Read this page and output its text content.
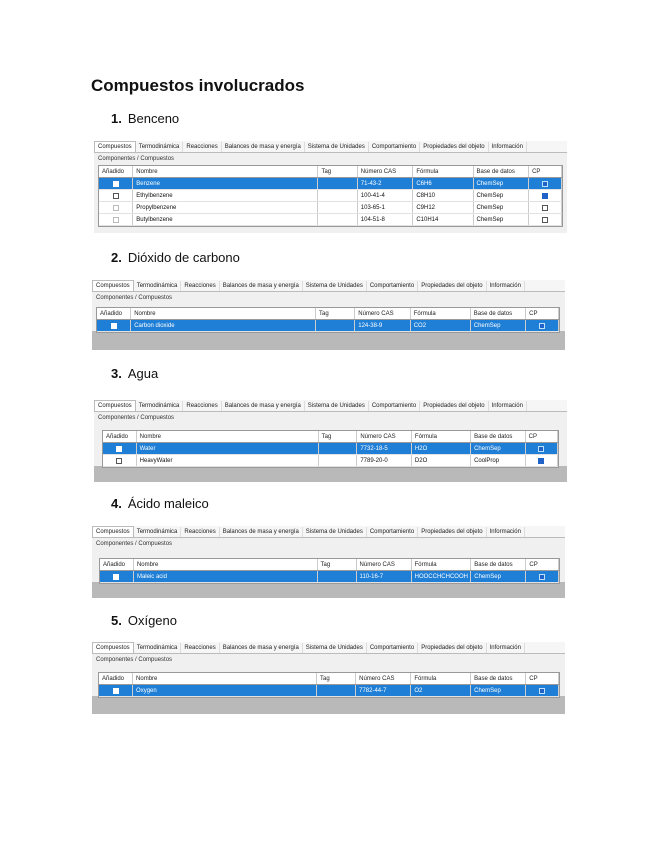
Compuestos involucrados
1. Benceno
Compuestos	Termodinámica	Reacciones	Balances de masa y energía	Sistema de Unidades	Comportamiento	Propiedades del objeto	Información
Componentes / Compuestos
Añadido	Nombre	Tag	Número CAS	Fórmula	Base de datos	CP
Benzene	71-43-2	C6H6	ChemSep
Ethylbenzene	100-41-4	C8H10	ChemSep
Propylbenzene	103-65-1	C9H12	ChemSep
Butylbenzene	104-51-8	C10H14	ChemSep
2. Dióxido de carbono
Compuestos	Termodinámica	Reacciones	Balances de masa y energía	Sistema de Unidades	Comportamiento	Propiedades del objeto	Información
Componentes / Compuestos
Añadido	Nombre	Tag	Número CAS	Fórmula	Base de datos	CP
Carbon dioxide	124-38-9	CO2	ChemSep
3. Agua
Compuestos	Termodinámica	Reacciones	Balances de masa y energía	Sistema de Unidades	Comportamiento	Propiedades del objeto	Información
Componentes / Compuestos
Añadido	Nombre	Tag	Número CAS	Fórmula	Base de datos	CP
Water	7732-18-5	H2O	ChemSep
HeavyWater	7789-20-0	D2O	CoolProp
4. Ácido maleico
Compuestos	Termodinámica	Reacciones	Balances de masa y energía	Sistema de Unidades	Comportamiento	Propiedades del objeto	Información
Componentes / Compuestos
Añadido	Nombre	Tag	Número CAS	Fórmula	Base de datos	CP
Maleic acid	110-16-7	HOOCCHCHCOOH	ChemSep
5. Oxígeno
Compuestos	Termodinámica	Reacciones	Balances de masa y energía	Sistema de Unidades	Comportamiento	Propiedades del objeto	Información
Componentes / Compuestos
Añadido	Nombre	Tag	Número CAS	Fórmula	Base de datos	CP
Oxygen	7782-44-7	O2	ChemSep
